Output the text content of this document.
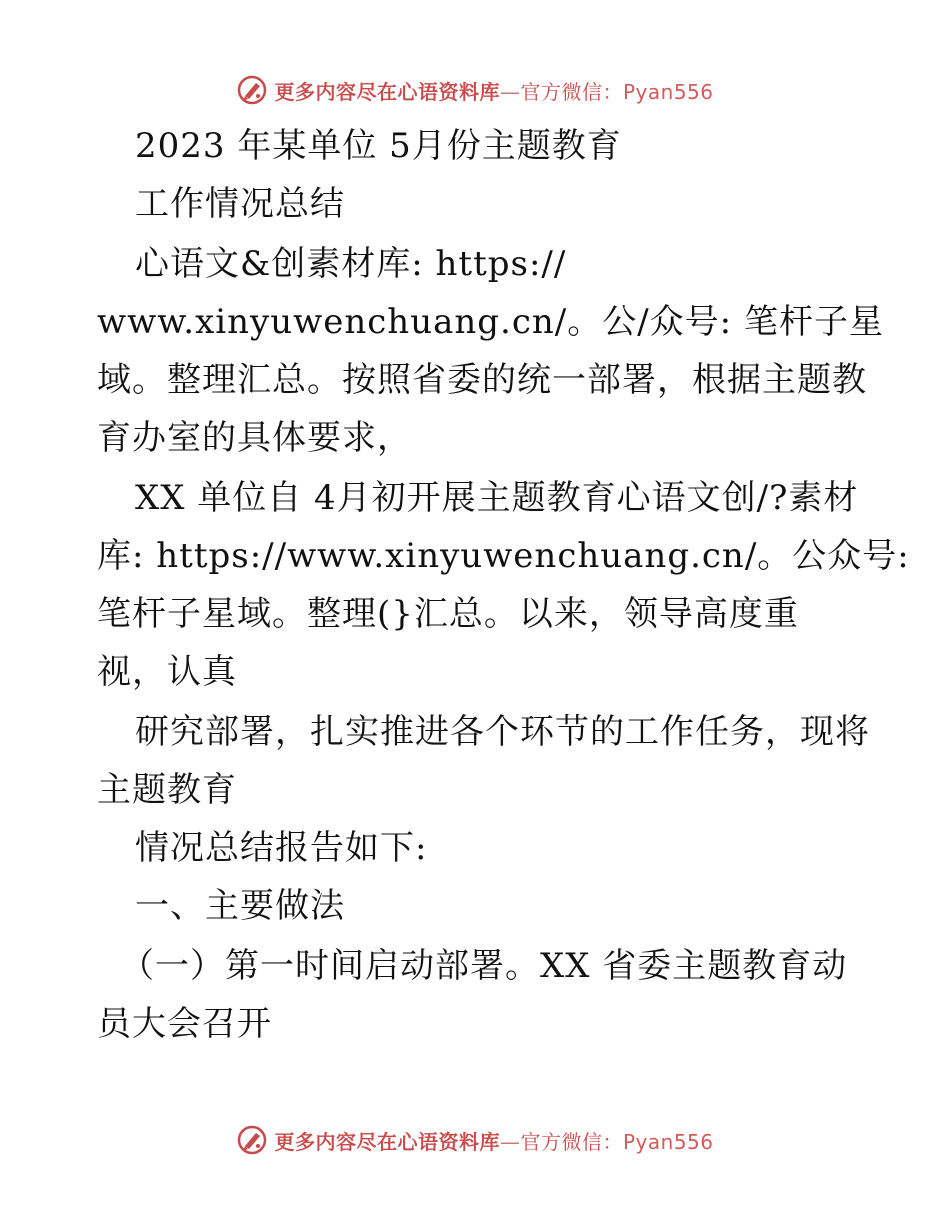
更多内容尽在心语资料库—官方微信：Pyan556
2023 年某单位 5月份主题教育
工作情况总结
心语文&创素材库: https://
www.xinyuwenchuang.cn/。公/众号: 笔杆子星
域。整理汇总。按照省委的统一部署，根据主题教
育办室的具体要求，
XX 单位自 4月初开展主题教育心语文创/?素材
库: https://www.xinyuwenchuang.cn/。公众号:
笔杆子星域。整理(}汇总。以来，领导高度重
视，认真
研究部署，扎实推进各个环节的工作任务，现将
主题教育
情况总结报告如下:
一、主要做法
（一）第一时间启动部署。XX 省委主题教育动
员大会召开
更多内容尽在心语资料库—官方微信：Pyan556
